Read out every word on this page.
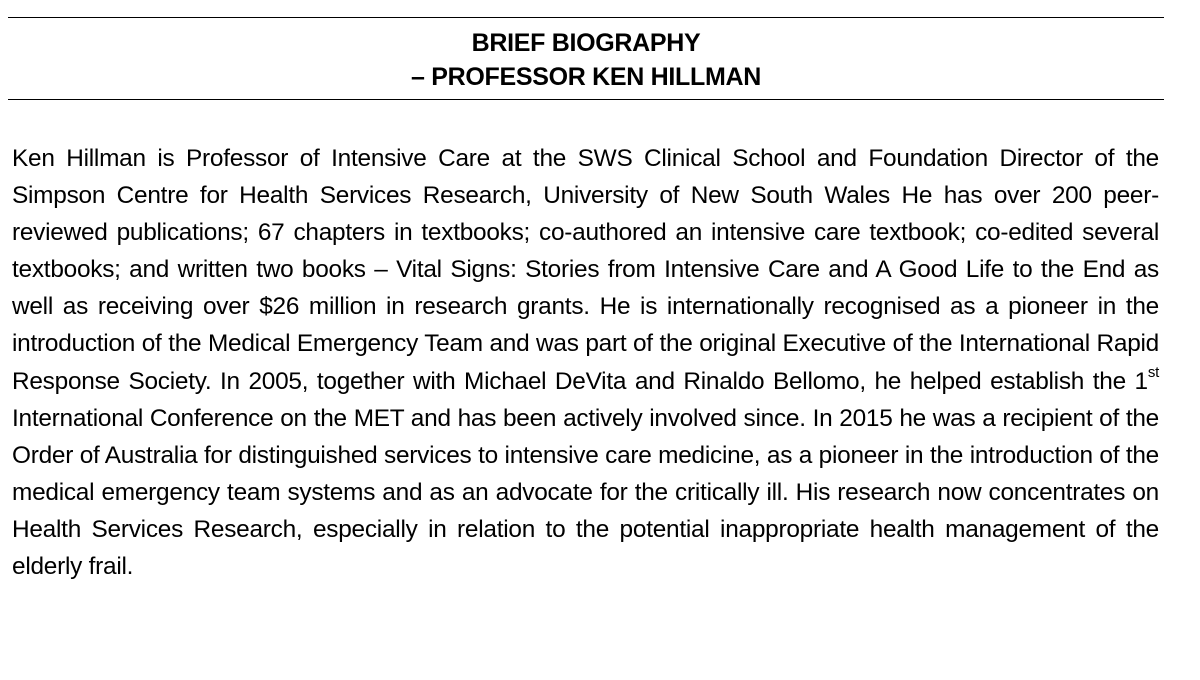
BRIEF BIOGRAPHY
– PROFESSOR KEN HILLMAN

Ken Hillman is Professor of Intensive Care at the SWS Clinical School and Foundation Director of the Simpson Centre for Health Services Research, University of New South Wales He has over 200 peer-reviewed publications; 67 chapters in textbooks; co-authored an intensive care textbook; co-edited several textbooks; and written two books – Vital Signs: Stories from Intensive Care and A Good Life to the End as well as receiving over $26 million in research grants. He is internationally recognised as a pioneer in the introduction of the Medical Emergency Team and was part of the original Executive of the International Rapid Response Society. In 2005, together with Michael DeVita and Rinaldo Bellomo, he helped establish the 1st International Conference on the MET and has been actively involved since. In 2015 he was a recipient of the Order of Australia for distinguished services to intensive care medicine, as a pioneer in the introduction of the medical emergency team systems and as an advocate for the critically ill. His research now concentrates on Health Services Research, especially in relation to the potential inappropriate health management of the elderly frail.
